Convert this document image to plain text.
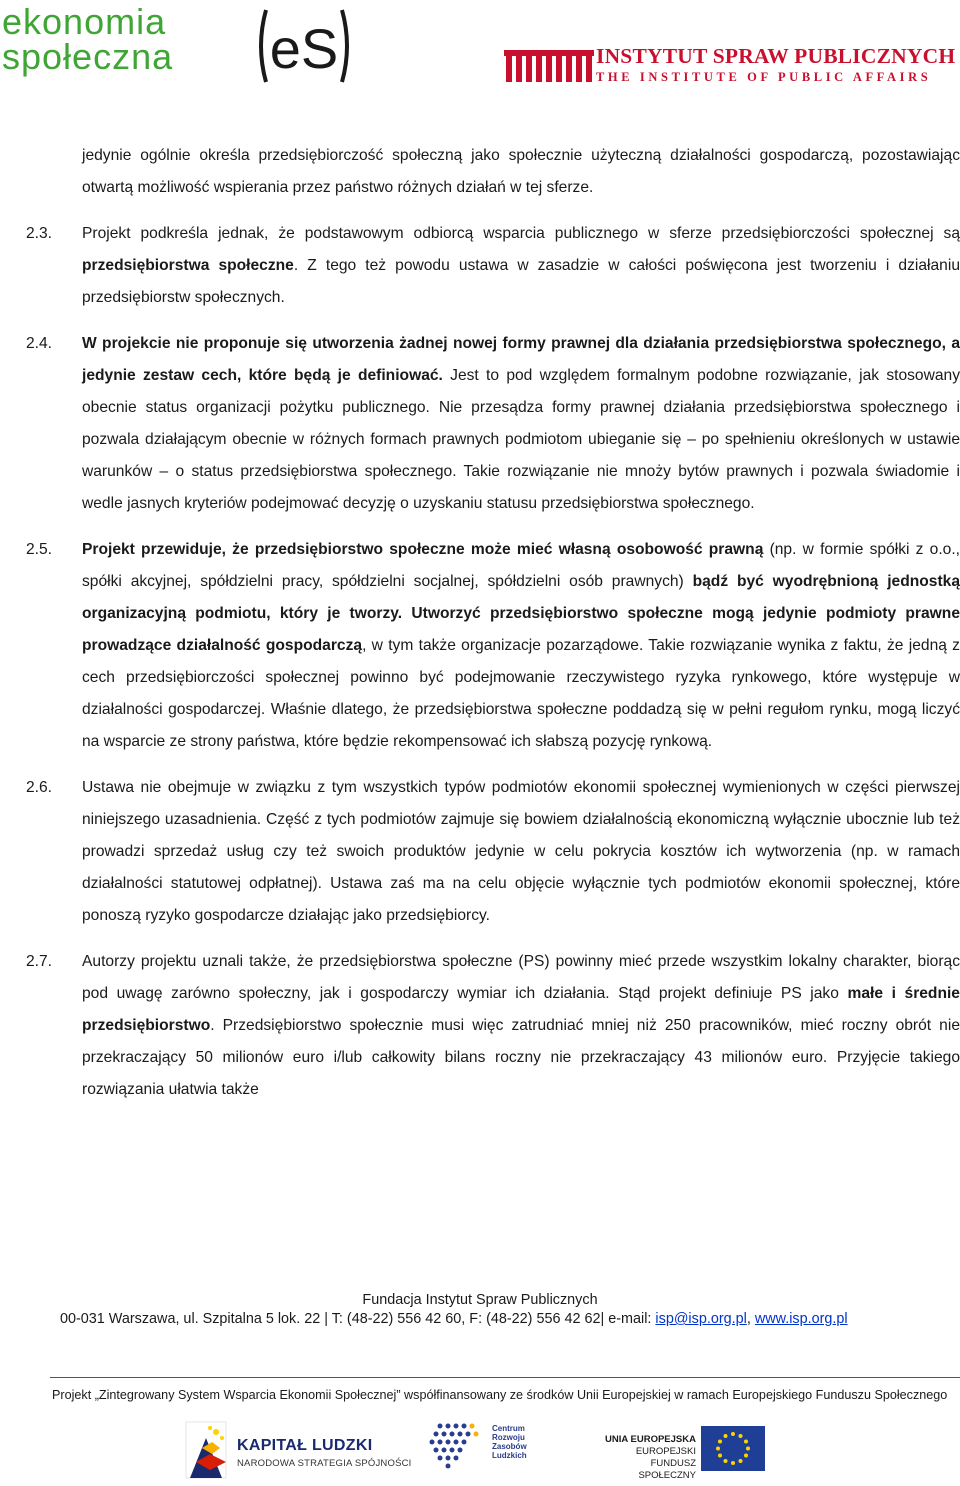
ekonomia
społeczna eS	INSTYTUT SPRAW PUBLICZNYCH
THE INSTITUTE OF PUBLIC AFFAIRS
jedynie ogólnie określa przedsiębiorczość społeczną jako społecznie użyteczną działalności gospodarczą, pozostawiając otwartą możliwość wspierania przez państwo różnych działań w tej sferze.
2.3. Projekt podkreśla jednak, że podstawowym odbiorcą wsparcia publicznego w sferze przedsiębiorczości społecznej są przedsiębiorstwa społeczne. Z tego też powodu ustawa w zasadzie w całości poświęcona jest tworzeniu i działaniu przedsiębiorstw społecznych.
2.4. W projekcie nie proponuje się utworzenia żadnej nowej formy prawnej dla działania przedsiębiorstwa społecznego, a jedynie zestaw cech, które będą je definiować. Jest to pod względem formalnym podobne rozwiązanie, jak stosowany obecnie status organizacji pożytku publicznego. Nie przesądza formy prawnej działania przedsiębiorstwa społecznego i pozwala działającym obecnie w różnych formach prawnych podmiotom ubieganie się – po spełnieniu określonych w ustawie warunków – o status przedsiębiorstwa społecznego. Takie rozwiązanie nie mnoży bytów prawnych i pozwala świadomie i wedle jasnych kryteriów podejmować decyzję o uzyskaniu statusu przedsiębiorstwa społecznego.
2.5. Projekt przewiduje, że przedsiębiorstwo społeczne może mieć własną osobowość prawną (np. w formie spółki z o.o., spółki akcyjnej, spółdzielni pracy, spółdzielni socjalnej, spółdzielni osób prawnych) bądź być wyodrębnioną jednostką organizacyjną podmiotu, który je tworzy. Utworzyć przedsiębiorstwo społeczne mogą jedynie podmioty prawne prowadzące działalność gospodarczą, w tym także organizacje pozarządowe. Takie rozwiązanie wynika z faktu, że jedną z cech przedsiębiorczości społecznej powinno być podejmowanie rzeczywistego ryzyka rynkowego, które występuje w działalności gospodarczej. Właśnie dlatego, że przedsiębiorstwa społeczne poddadzą się w pełni regułom rynku, mogą liczyć na wsparcie ze strony państwa, które będzie rekompensować ich słabszą pozycję rynkową.
2.6. Ustawa nie obejmuje w związku z tym wszystkich typów podmiotów ekonomii społecznej wymienionych w części pierwszej niniejszego uzasadnienia. Część z tych podmiotów zajmuje się bowiem działalnością ekonomiczną wyłącznie ubocznie lub też prowadzi sprzedaż usług czy też swoich produktów jedynie w celu pokrycia kosztów ich wytworzenia (np. w ramach działalności statutowej odpłatnej). Ustawa zaś ma na celu objęcie wyłącznie tych podmiotów ekonomii społecznej, które ponoszą ryzyko gospodarcze działając jako przedsiębiorcy.
2.7. Autorzy projektu uznali także, że przedsiębiorstwa społeczne (PS) powinny mieć przede wszystkim lokalny charakter, biorąc pod uwagę zarówno społeczny, jak i gospodarczy wymiar ich działania. Stąd projekt definiuje PS jako małe i średnie przedsiębiorstwo. Przedsiębiorstwo społecznie musi więc zatrudniać mniej niż 250 pracowników, mieć roczny obrót nie przekraczający 50 milionów euro i/lub całkowity bilans roczny nie przekraczający 43 milionów euro. Przyjęcie takiego rozwiązania ułatwia także
Fundacja Instytut Spraw Publicznych
00-031 Warszawa, ul. Szpitalna 5 lok. 22 | T: (48-22) 556 42 60, F: (48-22) 556 42 62| e-mail: isp@isp.org.pl, www.isp.org.pl
Projekt „Zintegrowany System Wsparcia Ekonomii Społecznej” współfinansowany ze środków Unii Europejskiej w ramach Europejskiego Funduszu Społecznego
KAPITAŁ LUDZKI
NARODOWA STRATEGIA SPÓJNOŚCI
Centrum
Rozwoju
Zasobów
Ludzkich
UNIA EUROPEJSKA
EUROPEJSKI
FUNDUSZ SPOŁECZNY
